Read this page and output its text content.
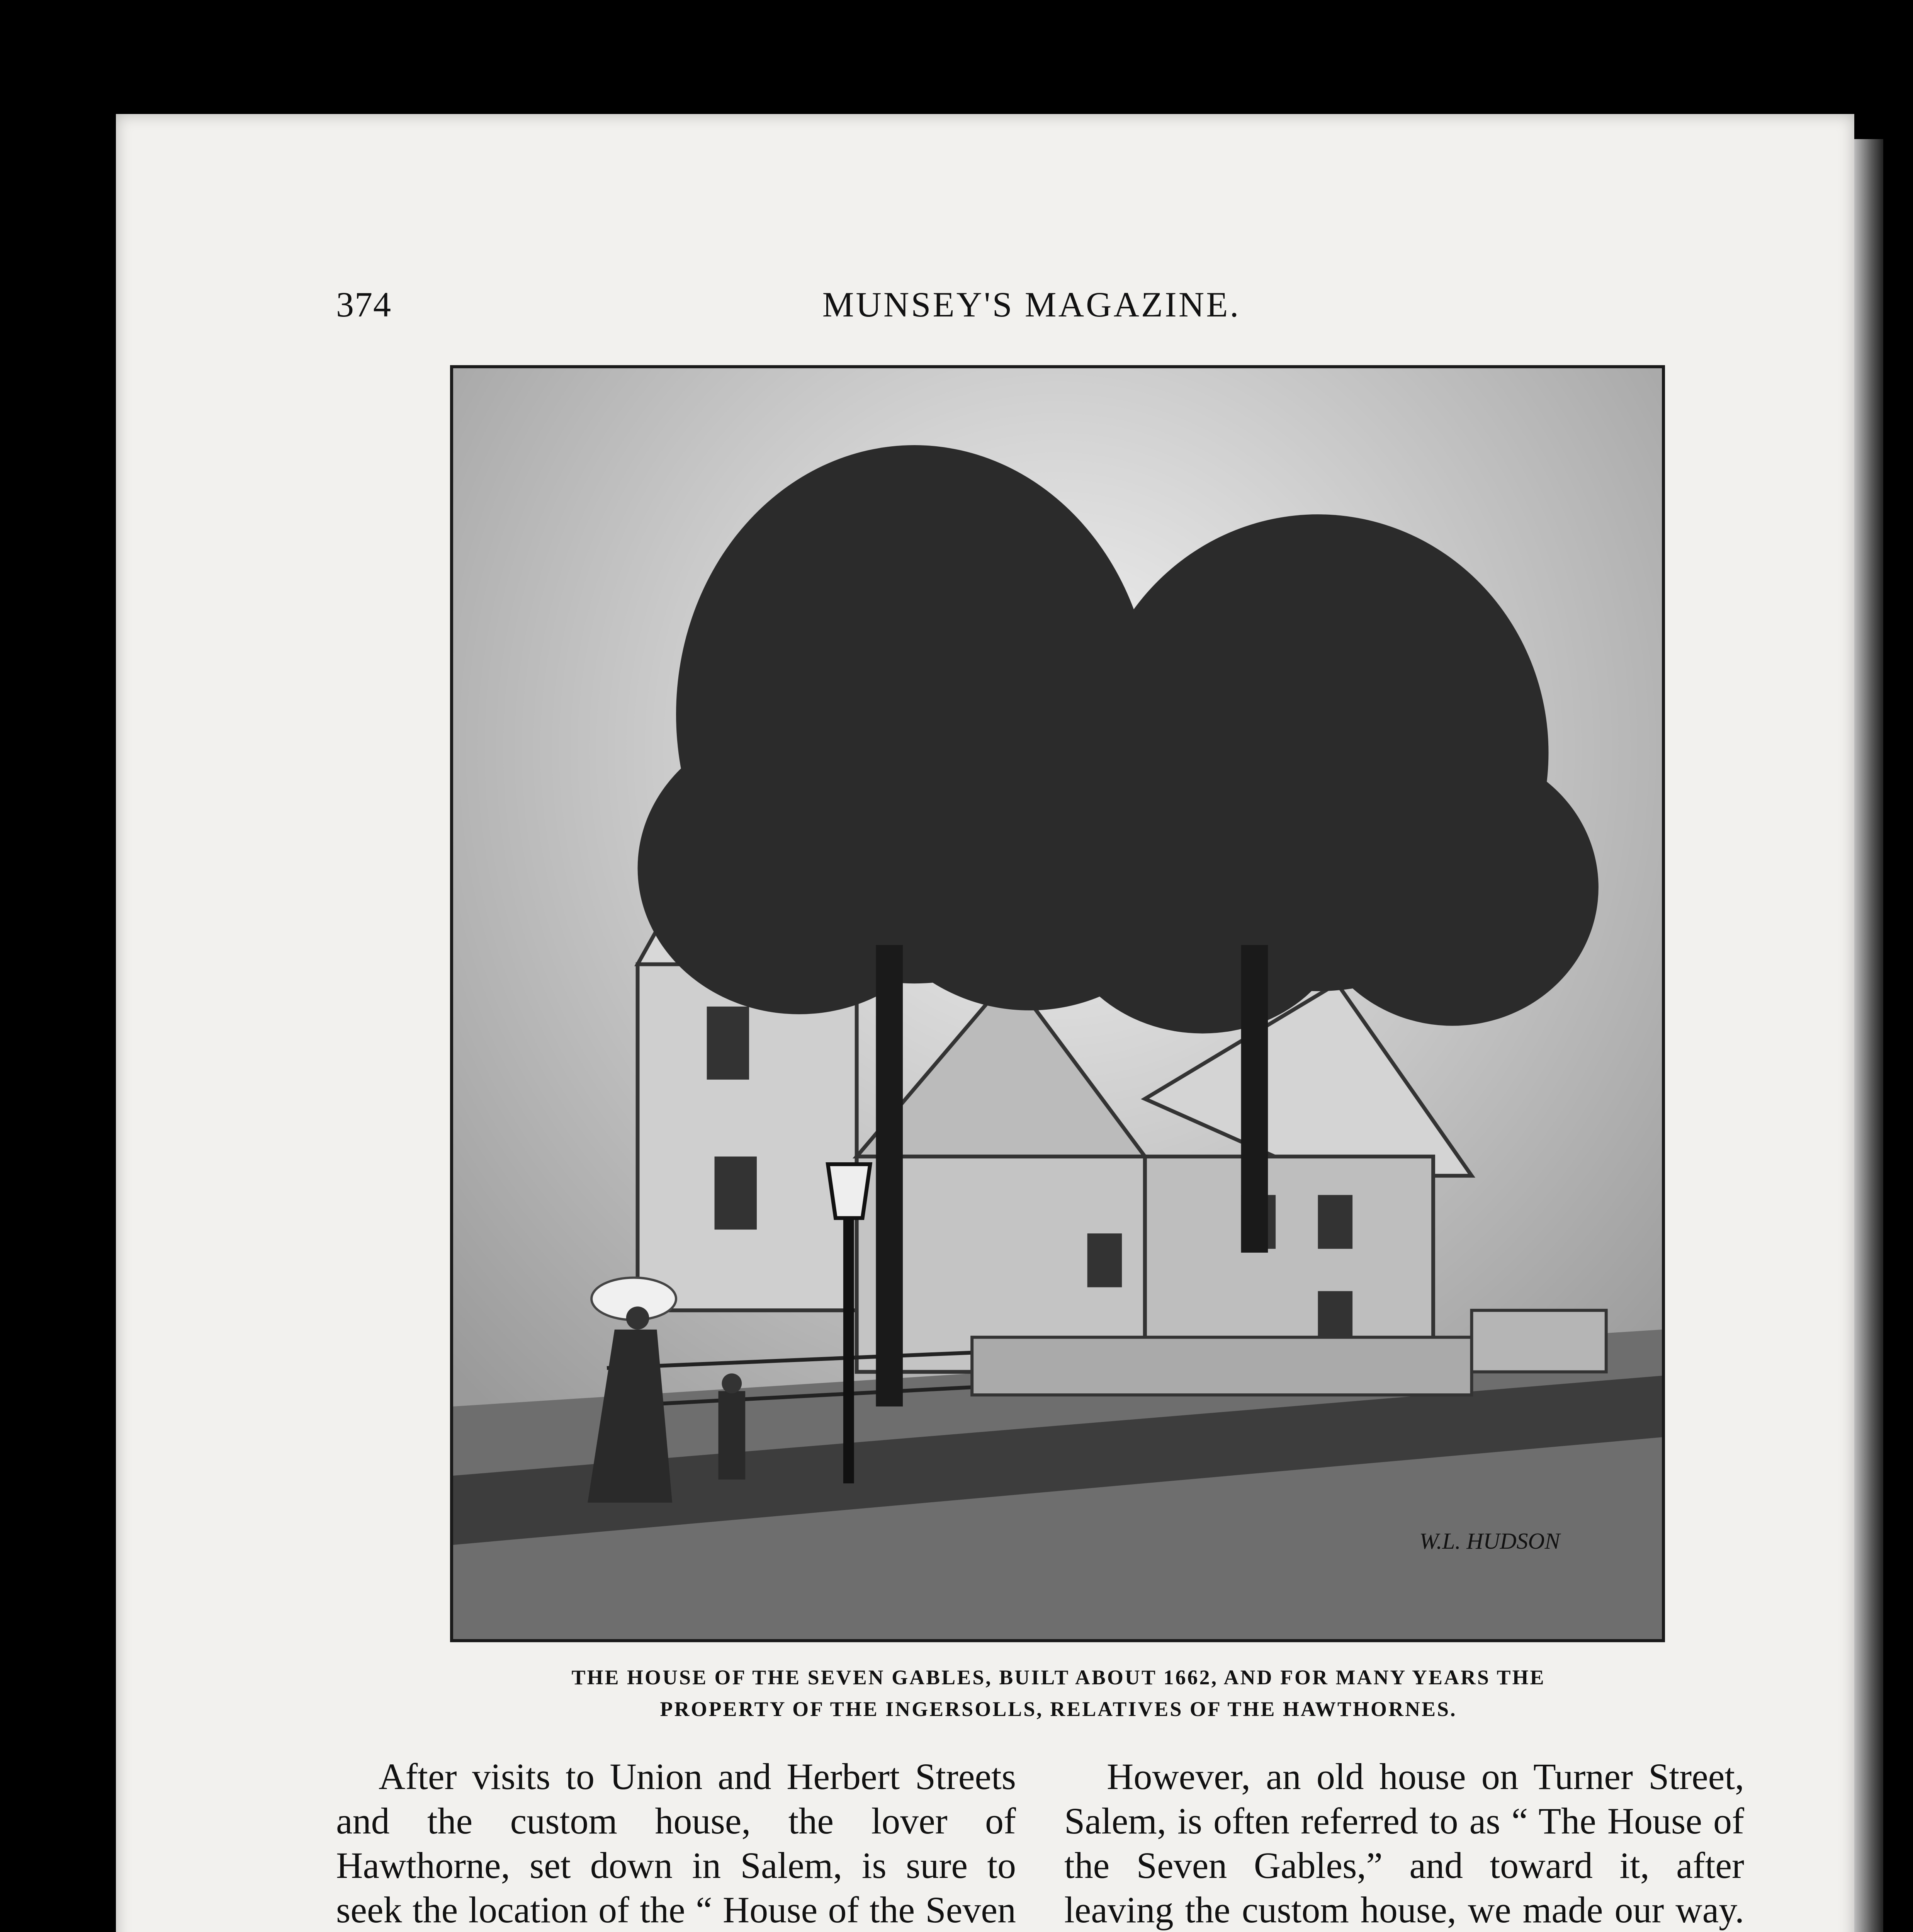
374	MUNSEY'S MAGAZINE.
W.L. HUDSON
THE HOUSE OF THE SEVEN GABLES, BUILT ABOUT 1662, AND FOR MANY YEARS THE
PROPERTY OF THE INGERSOLLS, RELATIVES OF THE HAWTHORNES.

After visits to Union and Herbert Streets and the custom house, the lover of Hawthorne, set down in Salem, is sure to seek the location of the “ House of the Seven

However, an old house on Turner Street, Salem, is often referred to as “ The House of the Seven Gables,” and toward it, after leaving the custom house, we made our way.
